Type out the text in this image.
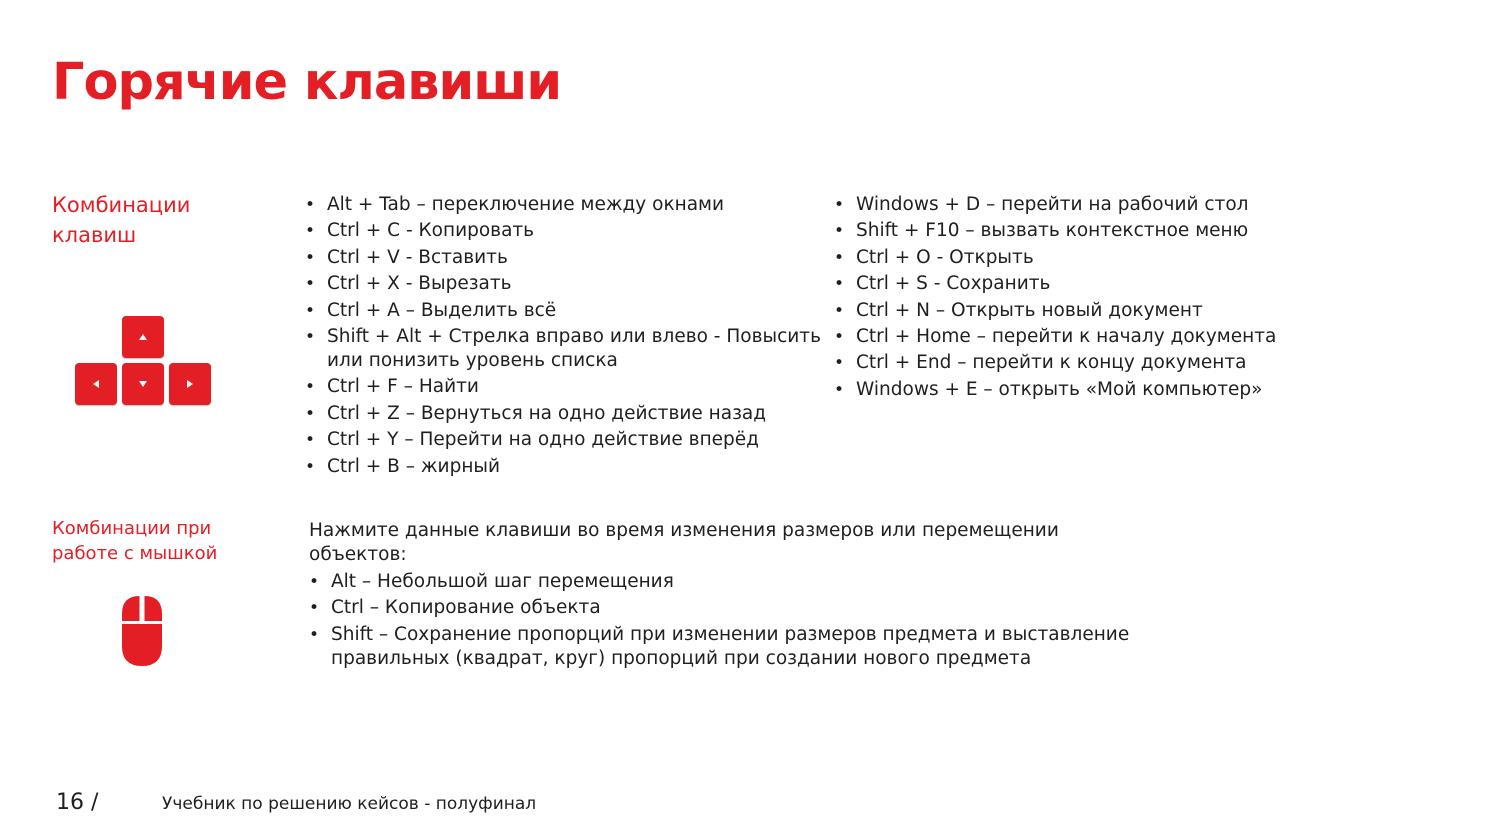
Горячие клавиши

Комбинации
клавиш

• Alt + Tab – переключение между окнами
• Ctrl + C - Копировать
• Ctrl + V - Вставить
• Ctrl + X - Вырезать
• Ctrl + A – Выделить всё
• Shift + Alt + Стрелка вправо или влево - Повысить или понизить уровень списка
• Ctrl + F – Найти
• Ctrl + Z – Вернуться на одно действие назад
• Ctrl + Y – Перейти на одно действие вперёд
• Ctrl + B – жирный
• Windows + D – перейти на рабочий стол
• Shift + F10 – вызвать контекстное меню
• Ctrl + O - Открыть
• Ctrl + S - Сохранить
• Ctrl + N – Открыть новый документ
• Ctrl + Home – перейти к началу документа
• Ctrl + End – перейти к концу документа
• Windows + E – открыть «Мой компьютер»

Комбинации при
работе с мышкой

Нажмите данные клавиши во время изменения размеров или перемещении объектов:

• Alt – Небольшой шаг перемещения
• Ctrl – Копирование объекта
• Shift – Сохранение пропорций при изменении размеров предмета и выставление правильных (квадрат, круг) пропорций при создании нового предмета

16 /	Учебник по решению кейсов - полуфинал
